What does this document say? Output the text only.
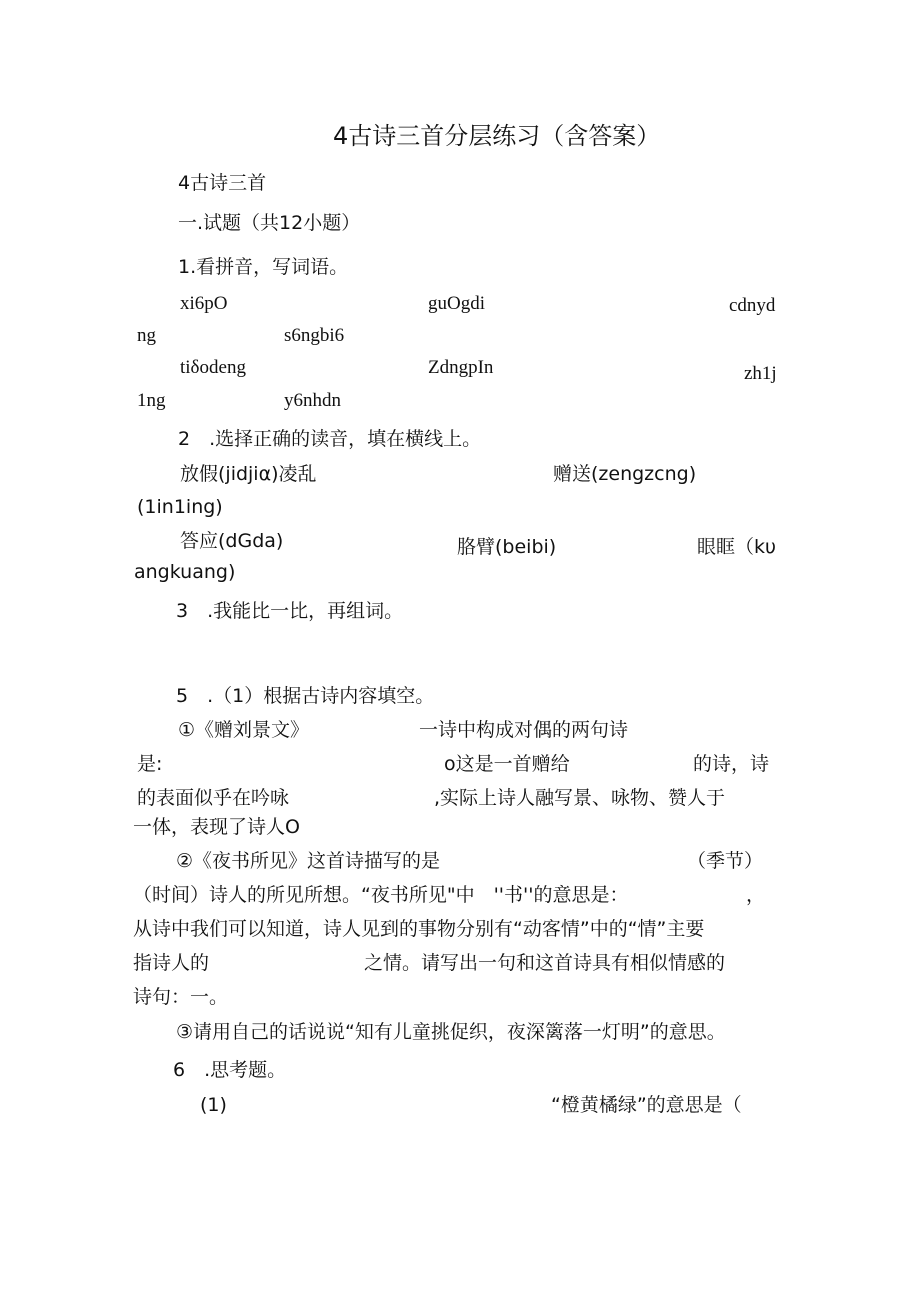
4古诗三首分层练习（含答案）
4古诗三首
一.试题（共12小题）
1.看拼音，写词语。
xi6pO	guOgdi	cdnyd
ng	s6ngbi6
tiδodeng	ZdngpIn	zh1j
1ng	y6nhdn
2　.选择正确的读音，填在横线上。
放假(jidjiα)凌乱	赠送(zengzcng)
(1in1ing)
答应(dGda)	胳臂(beibi)	眼眶（kυ
angkuang)
3　.我能比一比，再组词。
5　.（1）根据古诗内容填空。
①《赠刘景文》	一诗中构成对偶的两句诗
是:	o这是一首赠给	的诗，诗
的表面似乎在吟咏	,实际上诗人融写景、咏物、赞人于
一体，表现了诗人O
②《夜书所见》这首诗描写的是	（季节）
（时间）诗人的所见所想。“夜书所见"中　''书''的意思是：	，
从诗中我们可以知道，诗人见到的事物分别有“动客情”中的“情”主要
指诗人的	之情。请写出一句和这首诗具有相似情感的
诗句：一。
③请用自己的话说说“知有儿童挑促织，夜深篱落一灯明”的意思。
6　.思考题。
(1)	“橙黄橘绿”的意思是（
